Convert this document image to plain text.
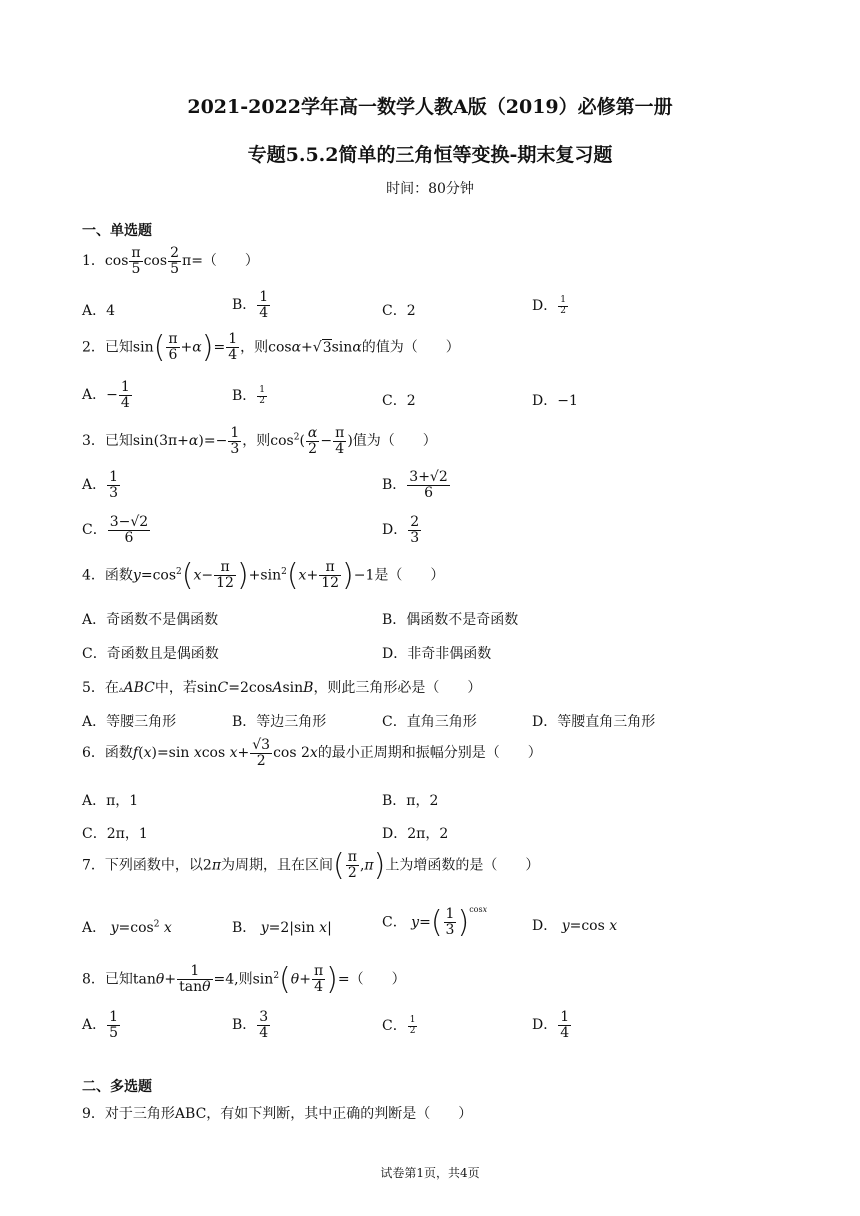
2021-2022学年高一数学人教A版（2019）必修第一册
专题5.5.2简单的三角恒等变换-期末复习题
时间：80分钟
一、单选题
1．$\cos \frac{\pi}{5}$ $\cos \frac{2}{5} \pi=$（　　）
A．4	B． $\frac{1}{4}$	C．2	D． $\frac{1}{2}$
2．已知$\sin( \frac{\pi}{6} +\alpha)= \frac{1}{4}$ ，则cosα+√3sinα的值为（　　）
A．− $\frac{1}{4}$	B． $\frac{1}{2}$	C．2	D．−1
3．已知$\sin(3\pi+\alpha)=- \frac{1}{3}$ ，则$\cos^2( \frac{\alpha}{2} - \frac{\pi}{4}$ )值为（　　）
A． $\frac{1}{3}$	B． $\frac{3+√2}{6}$
C． $\frac{3-√2}{6}$	D． $\frac{2}{3}$
4．函数$y=\cos^2(x- \frac{\pi}{12} )+\sin^2(x+ \frac{\pi}{12} )-1$是（　　）
A．奇函数不是偶函数	B．偶函数不是奇函数
C．奇函数且是偶函数	D．非奇非偶函数
5．在▵ABC中，若sinC=2cosAsinB，则此三角形必是（　　）
A．等腰三角形	B．等边三角形	C．直角三角形	D．等腰直角三角形
6．函数f(x)=sin xcos $x+ \frac{√3}{2}$ cos 2x的最小正周期和振幅分别是（　　）
A．π，1	B．π，2
C．2π，1	D．2π，2
7．下列函数中，以2π为周期，且在区间( $\frac{\pi}{2} ,\pi$)上为增函数的是（　　）
A． $y=\cos^2$ x	B． y=2|sin x|	C． $y=( \frac{1}{3} )^{cosx}$
D． y=cos x
8．已知$\tan\theta+ \frac{1}{\tan\theta} =4$,则$\sin^2(\theta+ \frac{\pi}{4}$ )=（　　）
A． $\frac{1}{5}$	B． $\frac{3}{4}$	C． $\frac{1}{2}$	D． $\frac{1}{4}$
二、多选题
9．对于三角形ABC，有如下判断，其中正确的判断是（　　）
试卷第1页，共4页
